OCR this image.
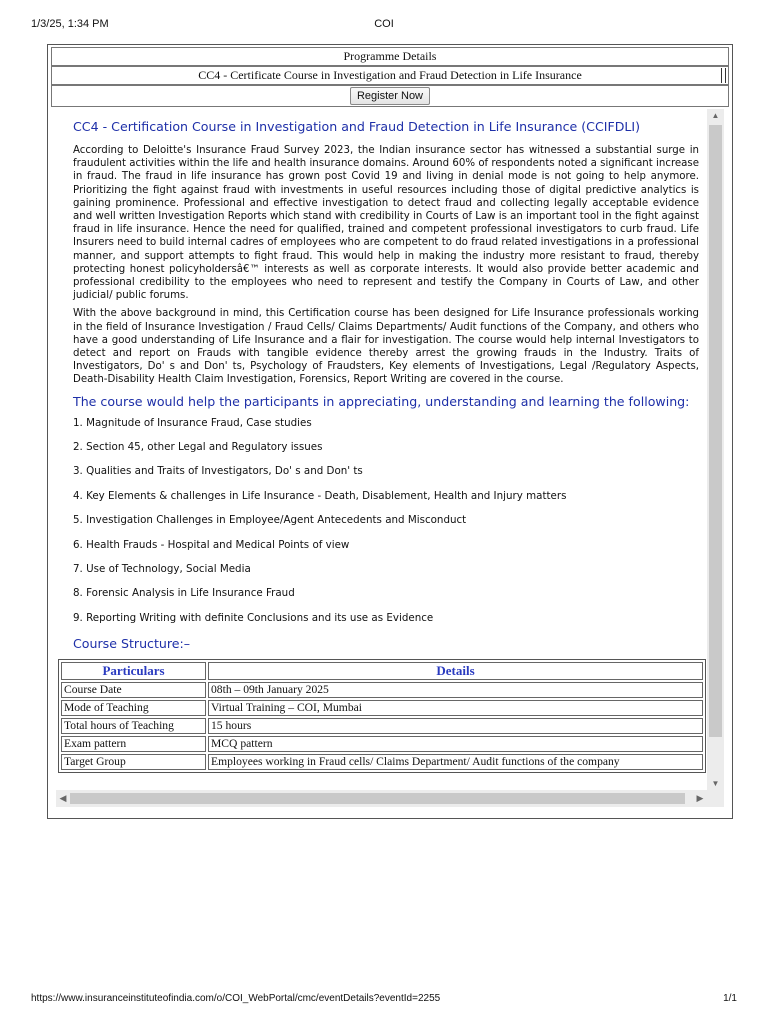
1/3/25, 1:34 PM	COI
Programme Details
CC4 - Certificate Course in Investigation and Fraud Detection in Life Insurance
Register Now
CC4 - Certification Course in Investigation and Fraud Detection in Life Insurance (CCIFDLI)

According to Deloitte's Insurance Fraud Survey 2023, the Indian insurance sector has witnessed a substantial surge in fraudulent activities within the life and health insurance domains. Around 60% of respondents noted a significant increase in fraud. The fraud in life insurance has grown post Covid 19 and living in denial mode is not going to help anymore. Prioritizing the fight against fraud with investments in useful resources including those of digital predictive analytics is gaining prominence. Professional and effective investigation to detect fraud and collecting legally acceptable evidence and well written Investigation Reports which stand with credibility in Courts of Law is an important tool in the fight against fraud in life insurance. Hence the need for qualified, trained and competent professional investigators to curb fraud. Life Insurers need to build internal cadres of employees who are competent to do fraud related investigations in a professional manner, and support attempts to fight fraud. This would help in making the industry more resistant to fraud, thereby protecting honest policyholdersâ€™ interests as well as corporate interests. It would also provide better academic and professional credibility to the employees who need to represent and testify the Company in Courts of Law, and other judicial/ public forums.

With the above background in mind, this Certification course has been designed for Life Insurance professionals working in the field of Insurance Investigation / Fraud Cells/ Claims Departments/ Audit functions of the Company, and others who have a good understanding of Life Insurance and a flair for investigation. The course would help internal Investigators to detect and report on Frauds with tangible evidence thereby arrest the growing frauds in the Industry. Traits of Investigators, Do' s and Don' ts, Psychology of Fraudsters, Key elements of Investigations, Legal /Regulatory Aspects, Death-Disability Health Claim Investigation, Forensics, Report Writing are covered in the course.

The course would help the participants in appreciating, understanding and learning the following:
1. Magnitude of Insurance Fraud, Case studies
2. Section 45, other Legal and Regulatory issues
3. Qualities and Traits of Investigators, Do' s and Don' ts
4. Key Elements & challenges in Life Insurance - Death, Disablement, Health and Injury matters
5. Investigation Challenges in Employee/Agent Antecedents and Misconduct
6. Health Frauds - Hospital and Medical Points of view
7. Use of Technology, Social Media
8. Forensic Analysis in Life Insurance Fraud
9. Reporting Writing with definite Conclusions and its use as Evidence
Course Structure:–
Particulars	Details
Course Date	08th – 09th January 2025
Mode of Teaching	Virtual Training – COI, Mumbai
Total hours of Teaching	15 hours
Exam pattern	MCQ pattern
Target Group	Employees working in Fraud cells/ Claims Department/ Audit functions of the company
▲
▼
◀	▶
https://www.insuranceinstituteofindia.com/o/COI_WebPortal/cmc/eventDetails?eventId=2255	1/1
